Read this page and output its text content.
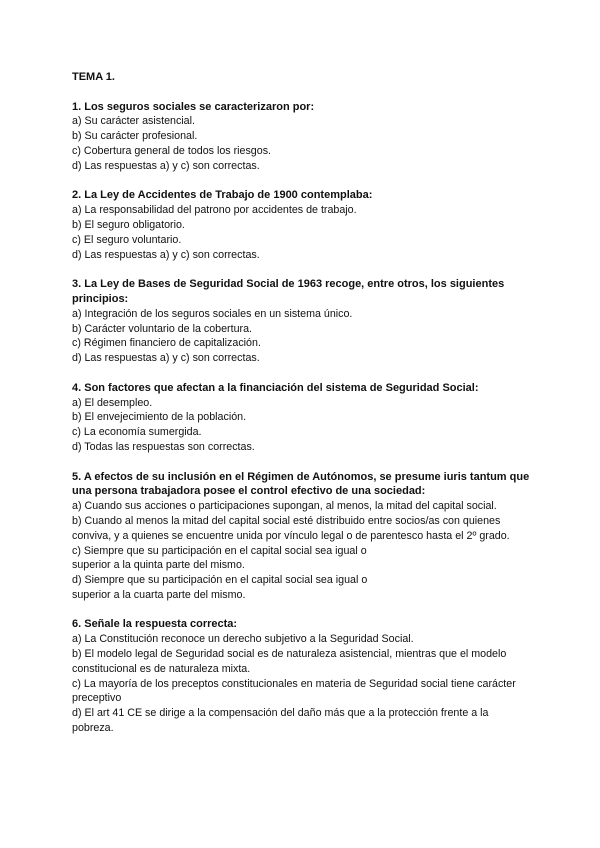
TEMA 1.

1. Los seguros sociales se caracterizaron por:

a) Su carácter asistencial.

b) Su carácter profesional.

c) Cobertura general de todos los riesgos.

d) Las respuestas a) y c) son correctas.

2. La Ley de Accidentes de Trabajo de 1900 contemplaba:

a) La responsabilidad del patrono por accidentes de trabajo.

b) El seguro obligatorio.

c) El seguro voluntario.

d) Las respuestas a) y c) son correctas.

3. La Ley de Bases de Seguridad Social de 1963 recoge, entre otros, los siguientes principios:

a) Integración de los seguros sociales en un sistema único.

b) Carácter voluntario de la cobertura.

c) Régimen financiero de capitalización.

d) Las respuestas a) y c) son correctas.

4. Son factores que afectan a la financiación del sistema de Seguridad Social:

a) El desempleo.

b) El envejecimiento de la población.

c) La economía sumergida.

d) Todas las respuestas son correctas.

5. A efectos de su inclusión en el Régimen de Autónomos, se presume iuris tantum que una persona trabajadora posee el control efectivo de una sociedad:

a) Cuando sus acciones o participaciones supongan, al menos, la mitad del capital social.

b) Cuando al menos la mitad del capital social esté distribuido entre socios/as con quienes conviva, y a quienes se encuentre unida por vínculo legal o de parentesco hasta el 2º grado.

c) Siempre que su participación en el capital social sea igual o

superior a la quinta parte del mismo.

d) Siempre que su participación en el capital social sea igual o

superior a la cuarta parte del mismo.

6. Señale la respuesta correcta:

a) La Constitución reconoce un derecho subjetivo a la Seguridad Social.

b) El modelo legal de Seguridad social es de naturaleza asistencial, mientras que el modelo constitucional es de naturaleza mixta.

c) La mayoría de los preceptos constitucionales en materia de Seguridad social tiene carácter preceptivo

d) El art 41 CE se dirige a la compensación del daño más que a la protección frente a la pobreza.
